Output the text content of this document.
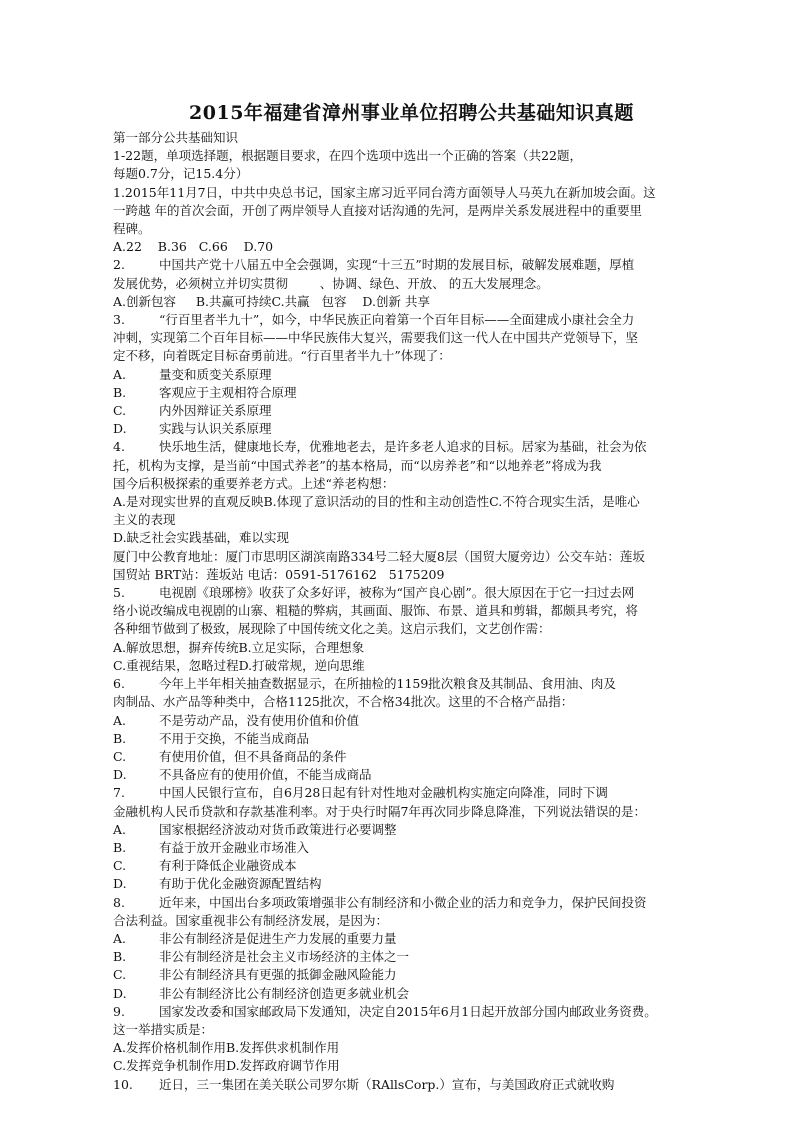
2015年福建省漳州事业单位招聘公共基础知识真题
第一部分公共基础知识
1-22题，单项选择题，根据题目要求，在四个选项中选出一个正确的答案（共22题，
每题0.7分，记15.4分）
1.2015年11月7日，中共中央总书记，国家主席习近平同台湾方面领导人马英九在新加坡会面。这
一跨越 年的首次会面，开创了两岸领导人直接对话沟通的先河，是两岸关系发展进程中的重要里
程碑。
A.22    B.36   C.66    D.70
2.	中国共产党十八届五中全会强调，实现“十三五”时期的发展目标，破解发展难题，厚植
发展优势，必须树立并切实贯彻        、协调、绿色、开放、 的五大发展理念。
A.创新包容     B.共赢可持续C.共赢   包容    D.创新 共享
3.	“行百里者半九十”，如今，中华民族正向着第一个百年目标——全面建成小康社会全力
冲刺，实现第二个百年目标——中华民族伟大复兴，需要我们这一代人在中国共产党领导下，坚
定不移，向着既定目标奋勇前进。“行百里者半九十”体现了：
A.	量变和质变关系原理
B.	客观应于主观相符合原理
C.	内外因辩证关系原理
D.	实践与认识关系原理
4.	快乐地生活，健康地长寿，优雅地老去，是许多老人追求的目标。居家为基础，社会为依
托，机构为支撑，是当前“中国式养老”的基本格局，而“以房养老”和“以地养老”将成为我
国今后积极探索的重要养老方式。上述“养老构想：
A.是对现实世界的直观反映B.体现了意识活动的目的性和主动创造性C.不符合现实生活，是唯心
主义的表现
D.缺乏社会实践基础，难以实现
厦门中公教育地址：厦门市思明区湖滨南路334号二轻大厦8层（国贸大厦旁边）公交车站：莲坂
国贸站 BRT站：莲坂站 电话：0591-5176162   5175209
5.	电视剧《琅琊榜》收获了众多好评，被称为“国产良心剧”。很大原因在于它一扫过去网
络小说改编成电视剧的山寨、粗糙的弊病，其画面、服饰、布景、道具和剪辑，都颇具考究，将
各种细节做到了极致，展现除了中国传统文化之美。这启示我们，文艺创作需：
A.解放思想，摒弃传统B.立足实际，合理想象
C.重视结果，忽略过程D.打破常规，逆向思维
6.	今年上半年相关抽查数据显示，在所抽检的1159批次粮食及其制品、食用油、肉及
肉制品、水产品等种类中，合格1125批次，不合格34批次。这里的不合格产品指：
A.	不是劳动产品，没有使用价值和价值
B.	不用于交换，不能当成商品
C.	有使用价值，但不具备商品的条件
D.	不具备应有的使用价值，不能当成商品
7.	中国人民银行宣布，自6月28日起有针对性地对金融机构实施定向降准，同时下调
金融机构人民币贷款和存款基准利率。对于央行时隔7年再次同步降息降准，下列说法错误的是：
A.	国家根据经济波动对货币政策进行必要调整
B.	有益于放开金融业市场准入
C.	有利于降低企业融资成本
D.	有助于优化金融资源配置结构
8.	近年来，中国出台多项政策增强非公有制经济和小微企业的活力和竞争力，保护民间投资
合法利益。国家重视非公有制经济发展，是因为：
A.	非公有制经济是促进生产力发展的重要力量
B.	非公有制经济是社会主义市场经济的主体之一
C.	非公有制经济具有更强的抵御金融风险能力
D.	非公有制经济比公有制经济创造更多就业机会
9.	国家发改委和国家邮政局下发通知，决定自2015年6月1日起开放部分国内邮政业务资费。
这一举措实质是：
A.发挥价格机制作用B.发挥供求机制作用
C.发挥竞争机制作用D.发挥政府调节作用
10.	近日，三一集团在美关联公司罗尔斯（RAllsCorp.）宣布，与美国政府正式就收购
